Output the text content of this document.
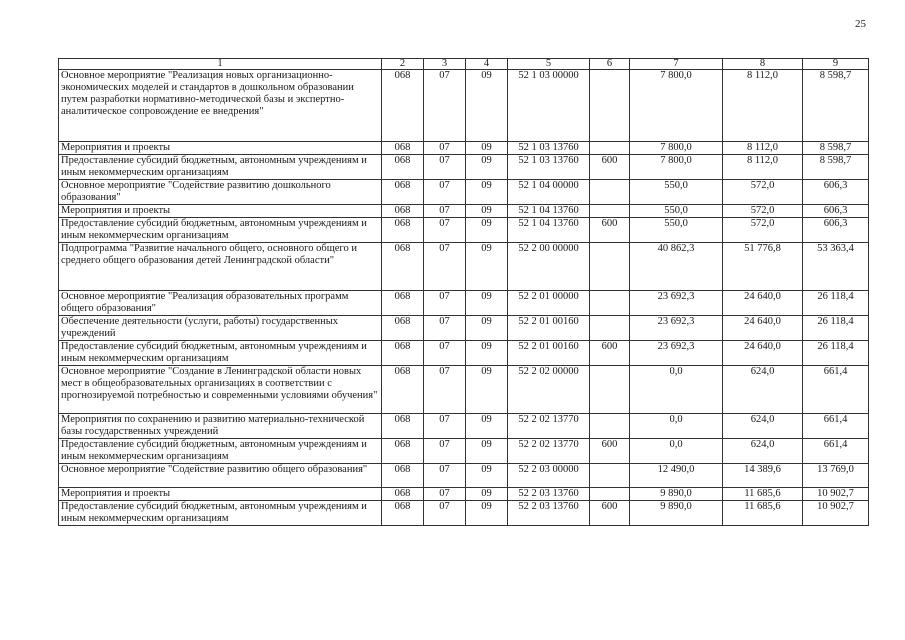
25
1	2	3	4	5	6	7	8	9
Основное мероприятие "Реализация новых организационно-экономических моделей и стандартов в дошкольном образовании путем разработки нормативно-методической базы и экспертно-аналитическое сопровождение ее внедрения"	068	07	09	52 1 03 00000		7 800,0	8 112,0	8 598,7
Мероприятия и проекты	068	07	09	52 1 03 13760		7 800,0	8 112,0	8 598,7
Предоставление субсидий бюджетным, автономным учреждениям и иным некоммерческим организациям	068	07	09	52 1 03 13760	600	7 800,0	8 112,0	8 598,7
Основное мероприятие "Содействие развитию дошкольного образования"	068	07	09	52 1 04 00000		550,0	572,0	606,3
Мероприятия и проекты	068	07	09	52 1 04 13760		550,0	572,0	606,3
Предоставление субсидий бюджетным, автономным учреждениям и иным некоммерческим организациям	068	07	09	52 1 04 13760	600	550,0	572,0	606,3
Подпрограмма "Развитие начального общего, основного общего и среднего общего образования детей Ленинградской области"	068	07	09	52 2 00 00000		40 862,3	51 776,8	53 363,4
Основное мероприятие "Реализация образовательных программ общего образования"	068	07	09	52 2 01 00000		23 692,3	24 640,0	26 118,4
Обеспечение деятельности (услуги, работы) государственных учреждений	068	07	09	52 2 01 00160		23 692,3	24 640,0	26 118,4
Предоставление субсидий бюджетным, автономным учреждениям и иным некоммерческим организациям	068	07	09	52 2 01 00160	600	23 692,3	24 640,0	26 118,4
Основное мероприятие "Создание в Ленинградской области новых мест в общеобразовательных организациях в соответствии с прогнозируемой потребностью и современными условиями обучения"	068	07	09	52 2 02 00000		0,0	624,0	661,4
Мероприятия по сохранению и развитию материально-технической базы государственных учреждений	068	07	09	52 2 02 13770		0,0	624,0	661,4
Предоставление субсидий бюджетным, автономным учреждениям и иным некоммерческим организациям	068	07	09	52 2 02 13770	600	0,0	624,0	661,4
Основное мероприятие "Содействие развитию общего образования"	068	07	09	52 2 03 00000		12 490,0	14 389,6	13 769,0
Мероприятия и проекты	068	07	09	52 2 03 13760		9 890,0	11 685,6	10 902,7
Предоставление субсидий бюджетным, автономным учреждениям и иным некоммерческим организациям	068	07	09	52 2 03 13760	600	9 890,0	11 685,6	10 902,7
